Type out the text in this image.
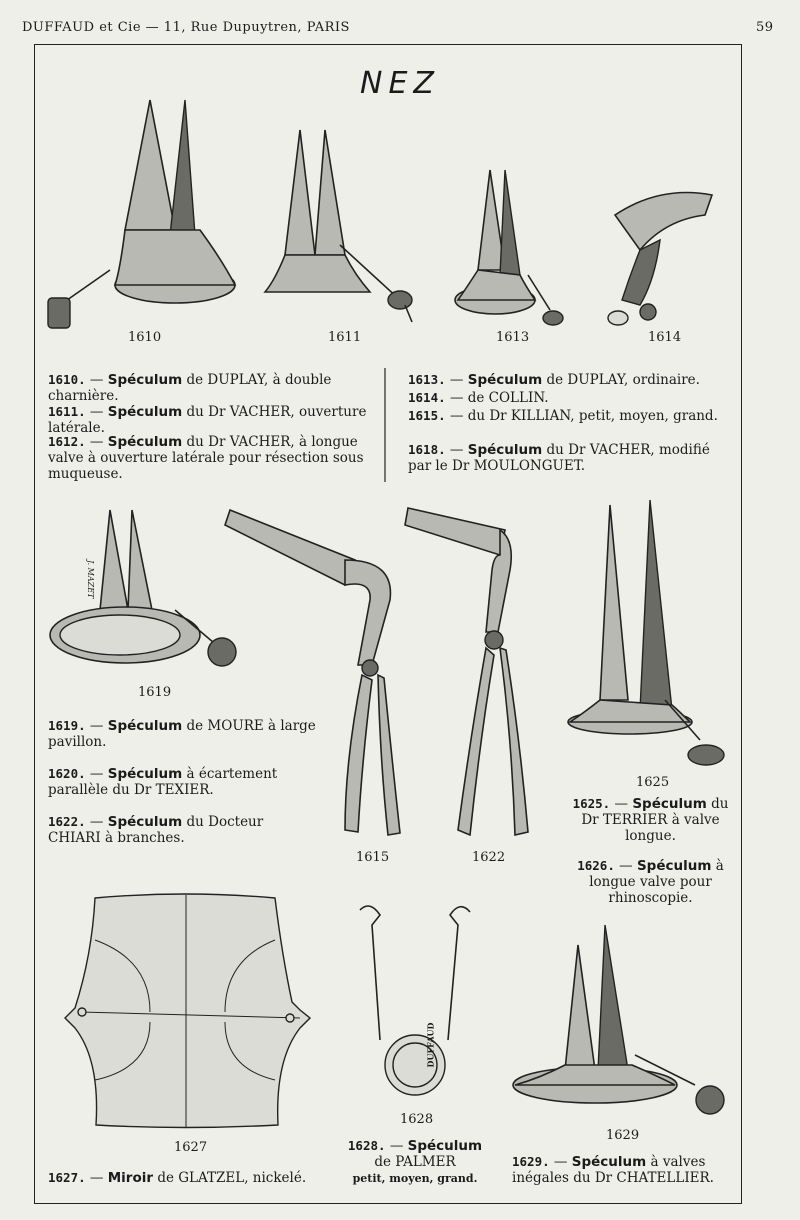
DUFFAUD et Cie — 11, Rue Dupuytren, PARIS	59
NEZ
J. MAZET
DUFFAUD
1610	1611	1613	1614
1619
1615	1622
1625
1627
1628
1629
1610. — Spéculum de DUPLAY, à double charnière.
1611. — Spéculum du Dr VACHER, ouverture latérale.
1612. — Spéculum du Dr VACHER, à longue valve à ouverture latérale pour résection sous muqueuse.
1613. — Spéculum de DUPLAY, ordinaire.
1614. — de COLLIN.
1615. — du Dr KILLIAN, petit, moyen, grand.
1618. — Spéculum du Dr VACHER, modifié par le Dr MOULONGUET.
1619. — Spéculum de MOURE à large pavillon.
1620. — Spéculum à écartement parallèle du Dr TEXIER.
1622. — Spéculum du Docteur CHIARI à branches.
1625. — Spéculum du Dr TERRIER à valve longue.
1626. — Spéculum à longue valve pour rhinoscopie.
1627. — Miroir de GLATZEL, nickelé.
1628. — Spéculum
de PALMER
petit, moyen, grand.
1629. — Spéculum à valves inégales du Dr CHATELLIER.
